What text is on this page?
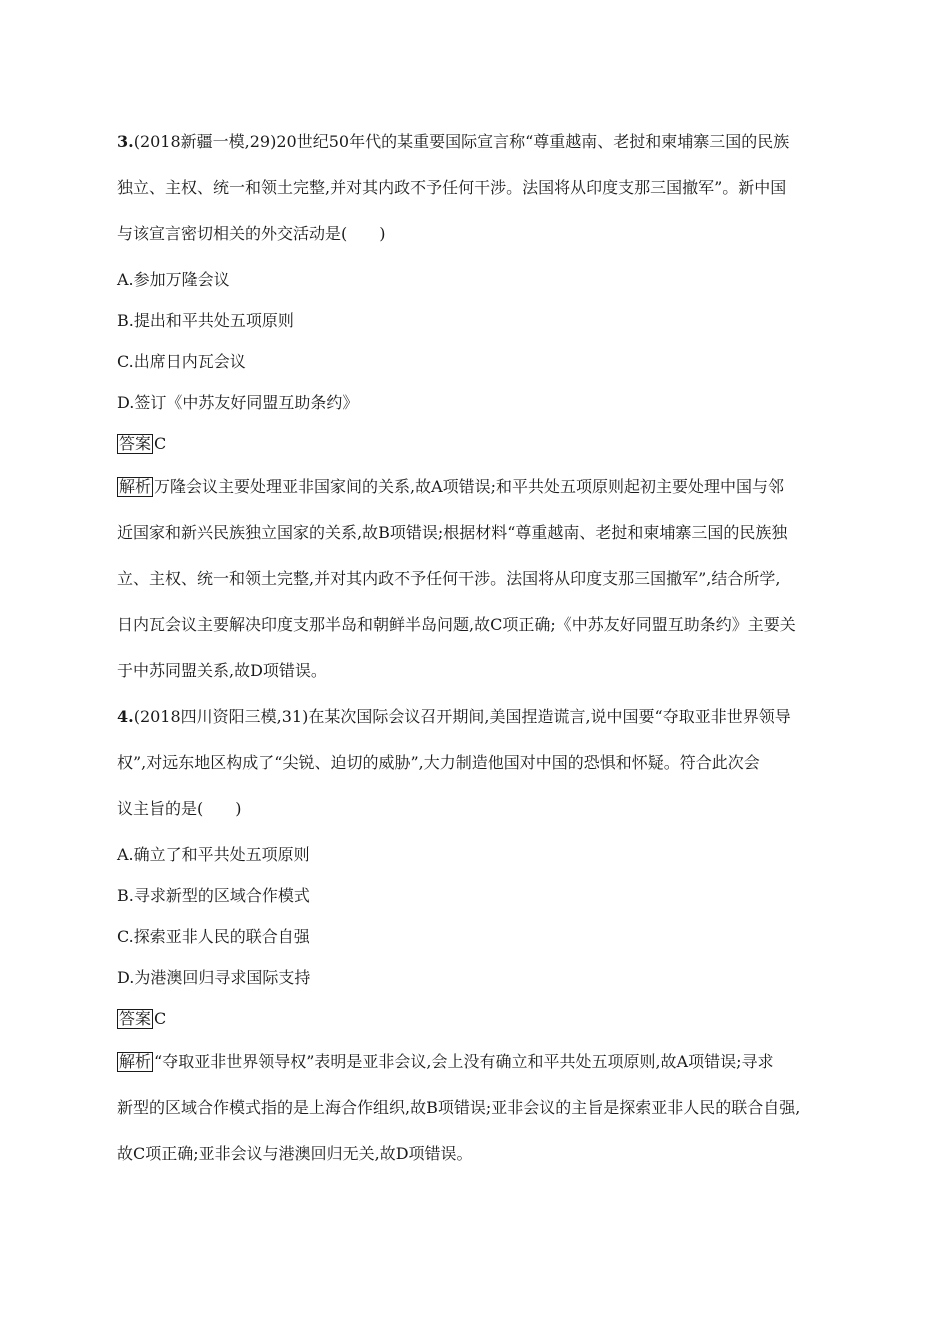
3.(2018新疆一模,29)20世纪50年代的某重要国际宣言称“尊重越南、老挝和柬埔寨三国的民族
独立、主权、统一和领土完整,并对其内政不予任何干涉。法国将从印度支那三国撤军”。新中国
与该宣言密切相关的外交活动是(　　)
A.参加万隆会议
B.提出和平共处五项原则
C.出席日内瓦会议
D.签订《中苏友好同盟互助条约》
答案 C
解析 万隆会议主要处理亚非国家间的关系,故A项错误;和平共处五项原则起初主要处理中国与邻
近国家和新兴民族独立国家的关系,故B项错误;根据材料“尊重越南、老挝和柬埔寨三国的民族独
立、主权、统一和领土完整,并对其内政不予任何干涉。法国将从印度支那三国撤军”,结合所学,
日内瓦会议主要解决印度支那半岛和朝鲜半岛问题,故C项正确;《中苏友好同盟互助条约》主要关
于中苏同盟关系,故D项错误。
4.(2018四川资阳三模,31)在某次国际会议召开期间,美国捏造谎言,说中国要“夺取亚非世界领导
权”,对远东地区构成了“尖锐、迫切的威胁”,大力制造他国对中国的恐惧和怀疑。符合此次会
议主旨的是(　　)
A.确立了和平共处五项原则
B.寻求新型的区域合作模式
C.探索亚非人民的联合自强
D.为港澳回归寻求国际支持
答案 C
解析 “夺取亚非世界领导权”表明是亚非会议,会上没有确立和平共处五项原则,故A项错误;寻求
新型的区域合作模式指的是上海合作组织,故B项错误;亚非会议的主旨是探索亚非人民的联合自强,
故C项正确;亚非会议与港澳回归无关,故D项错误。
